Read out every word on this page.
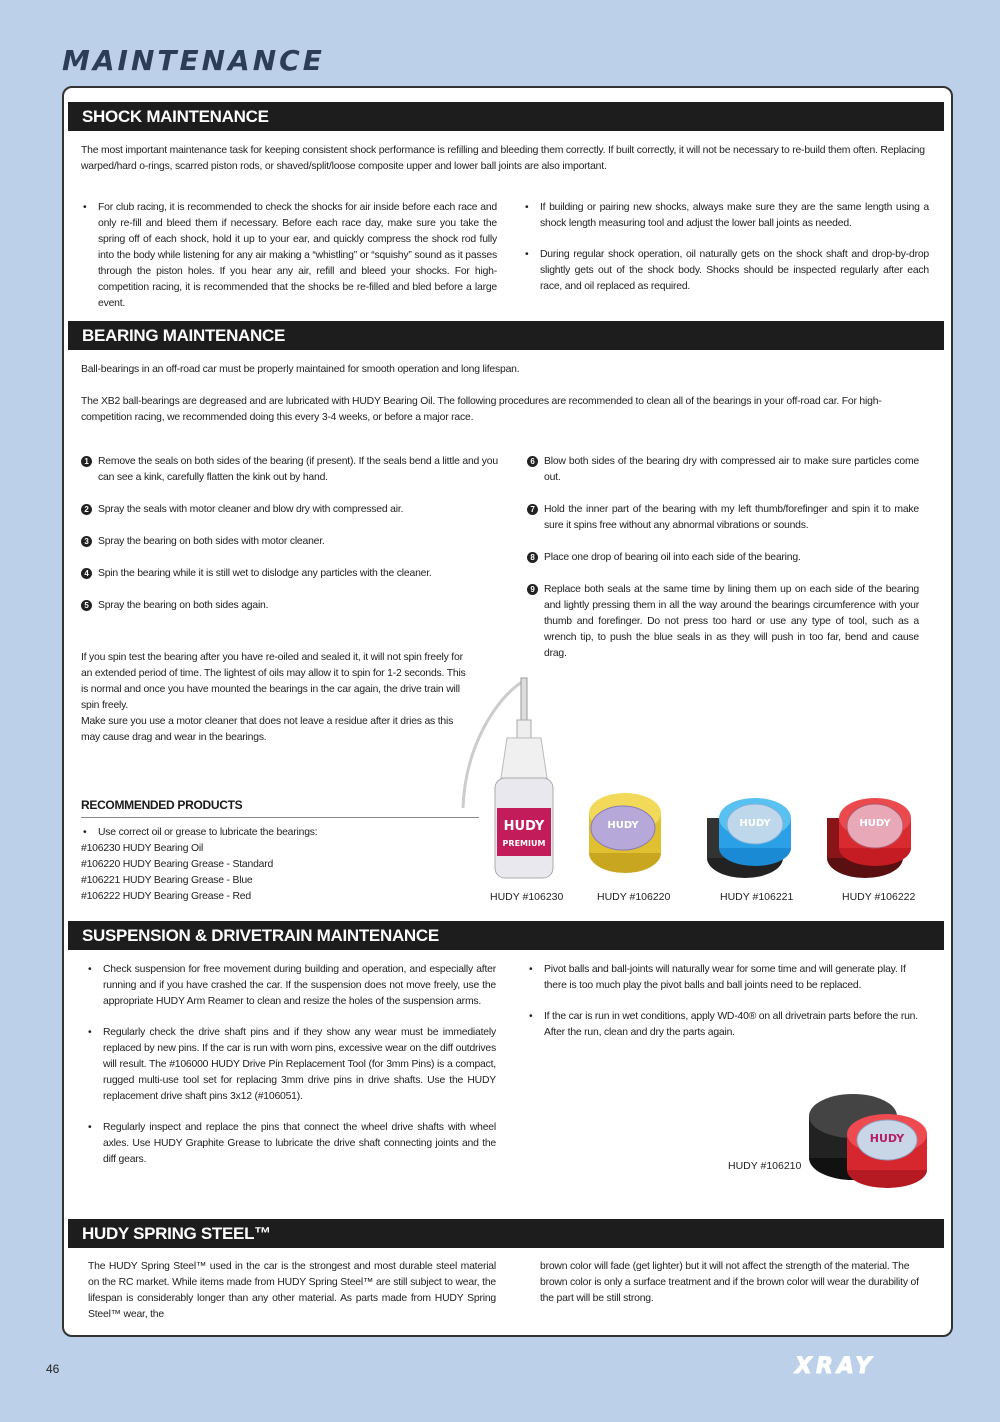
MAINTENANCE
SHOCK MAINTENANCE
The most important maintenance task for keeping consistent shock performance is refilling and bleeding them correctly. If built correctly, it will not be necessary to re-build them often. Replacing warped/hard o-rings, scarred piston rods, or shaved/split/loose composite upper and lower ball joints are also important.
• For club racing, it is recommended to check the shocks for air inside before each race and only re-fill and bleed them if necessary. Before each race day, make sure you take the spring off of each shock, hold it up to your ear, and quickly compress the shock rod fully into the body while listening for any air making a “whistling” or “squishy” sound as it passes through the piston holes. If you hear any air, refill and bleed your shocks. For high-competition racing, it is recommended that the shocks be re-filled and bled before a large event.
• If building or pairing new shocks, always make sure they are the same length using a shock length measuring tool and adjust the lower ball joints as needed.
• During regular shock operation, oil naturally gets on the shock shaft and drop-by-drop slightly gets out of the shock body. Shocks should be inspected regularly after each race, and oil replaced as required.
BEARING MAINTENANCE
Ball-bearings in an off-road car must be properly maintained for smooth operation and long lifespan.
The XB2 ball-bearings are degreased and are lubricated with HUDY Bearing Oil. The following procedures are recommended to clean all of the bearings in your off-road car. For high-competition racing, we recommended doing this every 3-4 weeks, or before a major race.
1 Remove the seals on both sides of the bearing (if present). If the seals bend a little and you can see a kink, carefully flatten the kink out by hand.
2 Spray the seals with motor cleaner and blow dry with compressed air.
3 Spray the bearing on both sides with motor cleaner.
4 Spin the bearing while it is still wet to dislodge any particles with the cleaner.
5 Spray the bearing on both sides again.
6 Blow both sides of the bearing dry with compressed air to make sure particles come out.
7 Hold the inner part of the bearing with my left thumb/forefinger and spin it to make sure it spins free without any abnormal vibrations or sounds.
8 Place one drop of bearing oil into each side of the bearing.
9 Replace both seals at the same time by lining them up on each side of the bearing and lightly pressing them in all the way around the bearings circumference with your thumb and forefinger. Do not press too hard or use any type of tool, such as a wrench tip, to push the blue seals in as they will push in too far, bend and cause drag.
If you spin test the bearing after you have re-oiled and sealed it, it will not spin freely for an extended period of time. The lightest of oils may allow it to spin for 1-2 seconds. This is normal and once you have mounted the bearings in the car again, the drive train will spin freely.
Make sure you use a motor cleaner that does not leave a residue after it dries as this may cause drag and wear in the bearings.
RECOMMENDED PRODUCTS
• Use correct oil or grease to lubricate the bearings:
#106230 HUDY Bearing Oil
#106220 HUDY Bearing Grease - Standard
#106221 HUDY Bearing Grease - Blue
#106222 HUDY Bearing Grease - Red
HUDY
PREMIUM
HUDY	HUDY	HUDY
HUDY #106230	HUDY #106220	HUDY #106221	HUDY #106222
SUSPENSION & DRIVETRAIN MAINTENANCE
• Check suspension for free movement during building and operation, and especially after running and if you have crashed the car. If the suspension does not move freely, use the appropriate HUDY Arm Reamer to clean and resize the holes of the suspension arms.
• Regularly check the drive shaft pins and if they show any wear must be immediately replaced by new pins. If the car is run with worn pins, excessive wear on the diff outdrives will result. The #106000 HUDY Drive Pin Replacement Tool (for 3mm Pins) is a compact, rugged multi-use tool set for replacing 3mm drive pins in drive shafts. Use the HUDY replacement drive shaft pins 3x12 (#106051).
• Regularly inspect and replace the pins that connect the wheel drive shafts with wheel axles. Use HUDY Graphite Grease to lubricate the drive shaft connecting joints and the diff gears.
• Pivot balls and ball-joints will naturally wear for some time and will generate play. If there is too much play the pivot balls and ball joints need to be replaced.
• If the car is run in wet conditions, apply WD-40® on all drivetrain parts before the run. After the run, clean and dry the parts again.
HUDY
HUDY #106210
HUDY SPRING STEEL™
The HUDY Spring Steel™ used in the car is the strongest and most durable steel material on the RC market. While items made from HUDY Spring Steel™ are still subject to wear, the lifespan is considerably longer than any other material. As parts made from HUDY Spring Steel™ wear, the
brown color will fade (get lighter) but it will not affect the strength of the material. The brown color is only a surface treatment and if the brown color will wear the durability of the part will be still strong.
46	XRAY
